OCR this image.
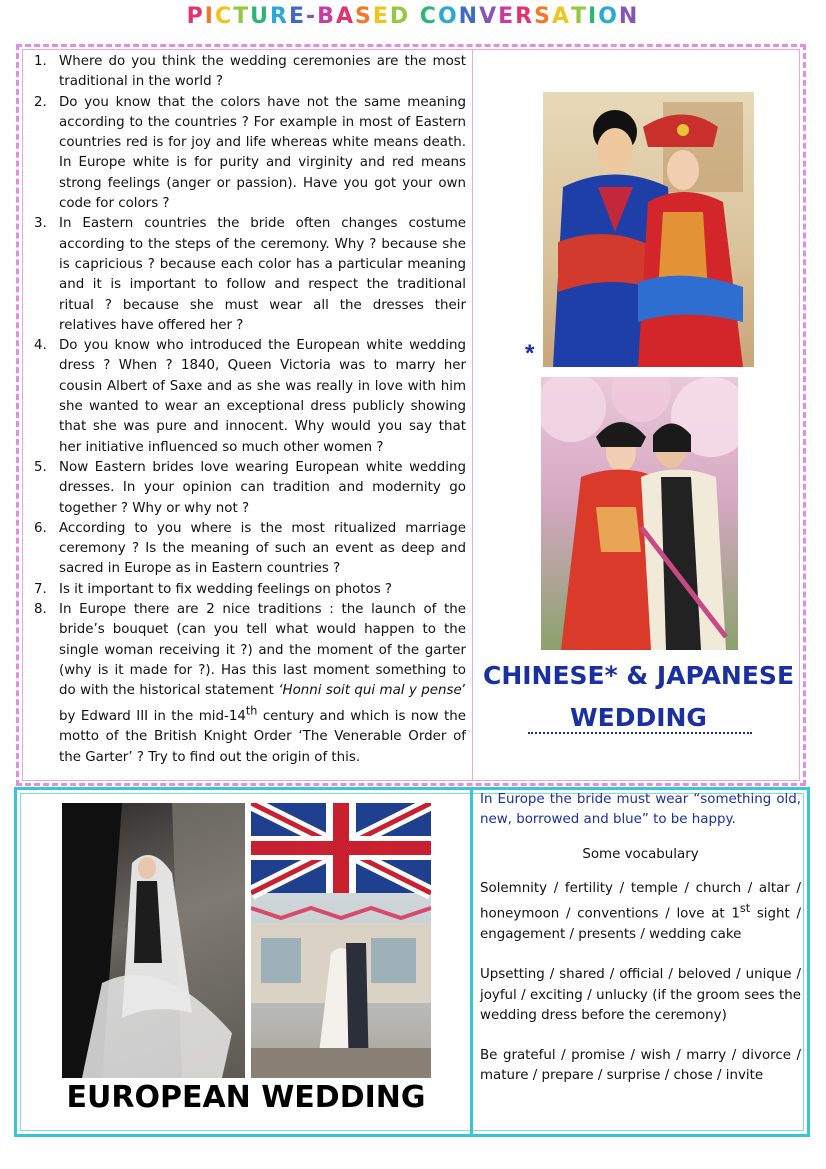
PICTURE-BASED CONVERSATION
1. Where do you think the wedding ceremonies are the most traditional in the world ?
2. Do you know that the colors have not the same meaning according to the countries ? For example in most of Eastern countries red is for joy and life whereas white means death. In Europe white is for purity and virginity and red means strong feelings (anger or passion). Have you got your own code for colors ?
3. In Eastern countries the bride often changes costume according to the steps of the ceremony. Why ? because she is capricious ? because each color has a particular meaning and it is important to follow and respect the traditional ritual ? because she must wear all the dresses their relatives have offered her ?
4. Do you know who introduced the European white wedding dress ? When ? 1840, Queen Victoria was to marry her cousin Albert of Saxe and as she was really in love with him she wanted to wear an exceptional dress publicly showing that she was pure and innocent. Why would you say that her initiative influenced so much other women ?
5. Now Eastern brides love wearing European white wedding dresses. In your opinion can tradition and modernity go together ? Why or why not ?
6. According to you where is the most ritualized marriage ceremony ? Is the meaning of such an event as deep and sacred in Europe as in Eastern countries ?
7. Is it important to fix wedding feelings on photos ?
8. In Europe there are 2 nice traditions : the launch of the bride’s bouquet (can you tell what would happen to the single woman receiving it ?) and the moment of the garter (why is it made for ?). Has this last moment something to do with the historical statement ‘Honni soit qui mal y pense’ by Edward III in the mid-14th century and which is now the motto of the British Knight Order ‘The Venerable Order of the Garter’ ? Try to find out the origin of this.
*
CHINESE* & JAPANESE
WEDDING
EUROPEAN WEDDING

In Europe the bride must wear “something old, new, borrowed and blue” to be happy.

Some vocabulary

Solemnity / fertility / temple / church / altar / honeymoon / conventions / love at 1st sight / engagement / presents / wedding cake

Upsetting / shared / official / beloved / unique / joyful / exciting / unlucky (if the groom sees the wedding dress before the ceremony)

Be grateful / promise / wish / marry / divorce / mature / prepare / surprise / chose / invite
